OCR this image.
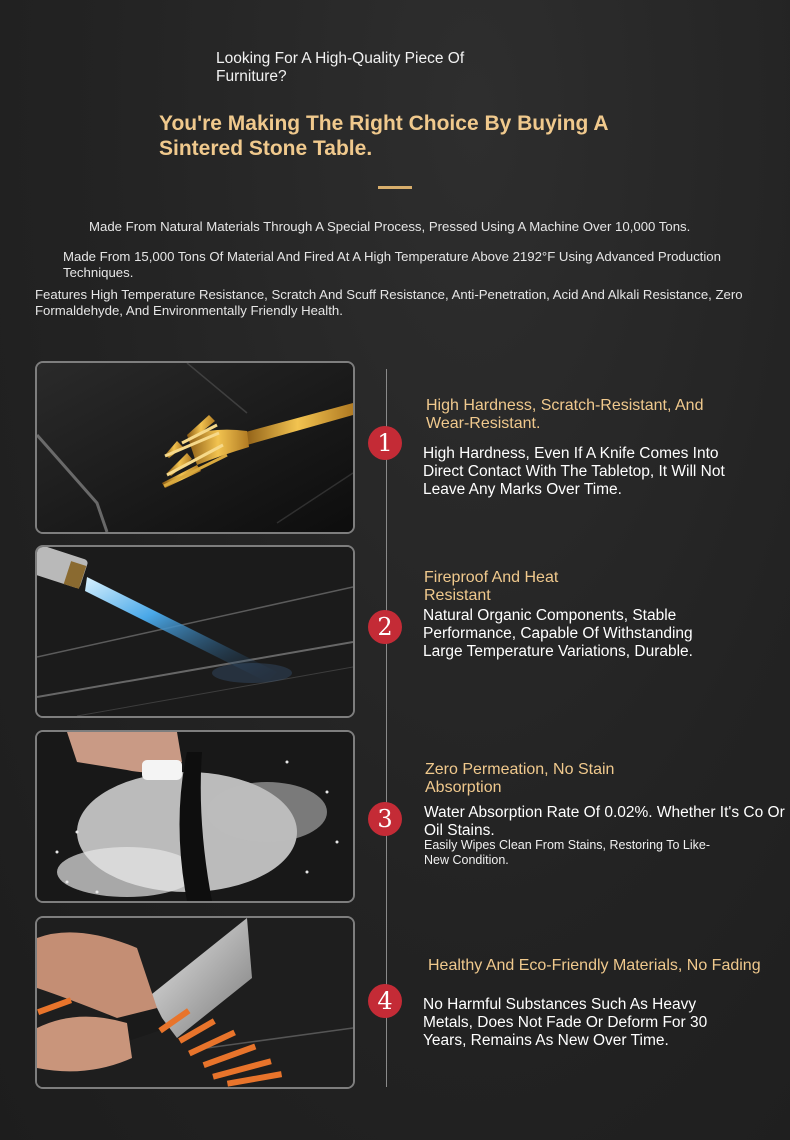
Looking For A High-Quality Piece Of Furniture?
You're Making The Right Choice By Buying A Sintered Stone Table.
Made From Natural Materials Through A Special Process, Pressed Using A Machine Over 10,000 Tons.
Made From 15,000 Tons Of Material And Fired At A High Temperature Above 2192°F Using Advanced Production Techniques.
Features High Temperature Resistance, Scratch And Scuff Resistance, Anti-Penetration, Acid And Alkali Resistance, Zero Formaldehyde, And Environmentally Friendly Health.
1
High Hardness, Scratch-Resistant, And Wear-Resistant.
High Hardness, Even If A Knife Comes Into Direct Contact With The Tabletop, It Will Not Leave Any Marks Over Time.
2
Fireproof And Heat Resistant
Natural Organic Components, Stable Performance, Capable Of Withstanding Large Temperature Variations, Durable.
3
Zero Permeation, No Stain Absorption
Water Absorption Rate Of 0.02%. Whether It's Co Or Oil Stains.
Easily Wipes Clean From Stains, Restoring To Like-New Condition.
4
Healthy And Eco-Friendly Materials, No Fading
No Harmful Substances Such As Heavy Metals, Does Not Fade Or Deform For 30 Years, Remains As New Over Time.
